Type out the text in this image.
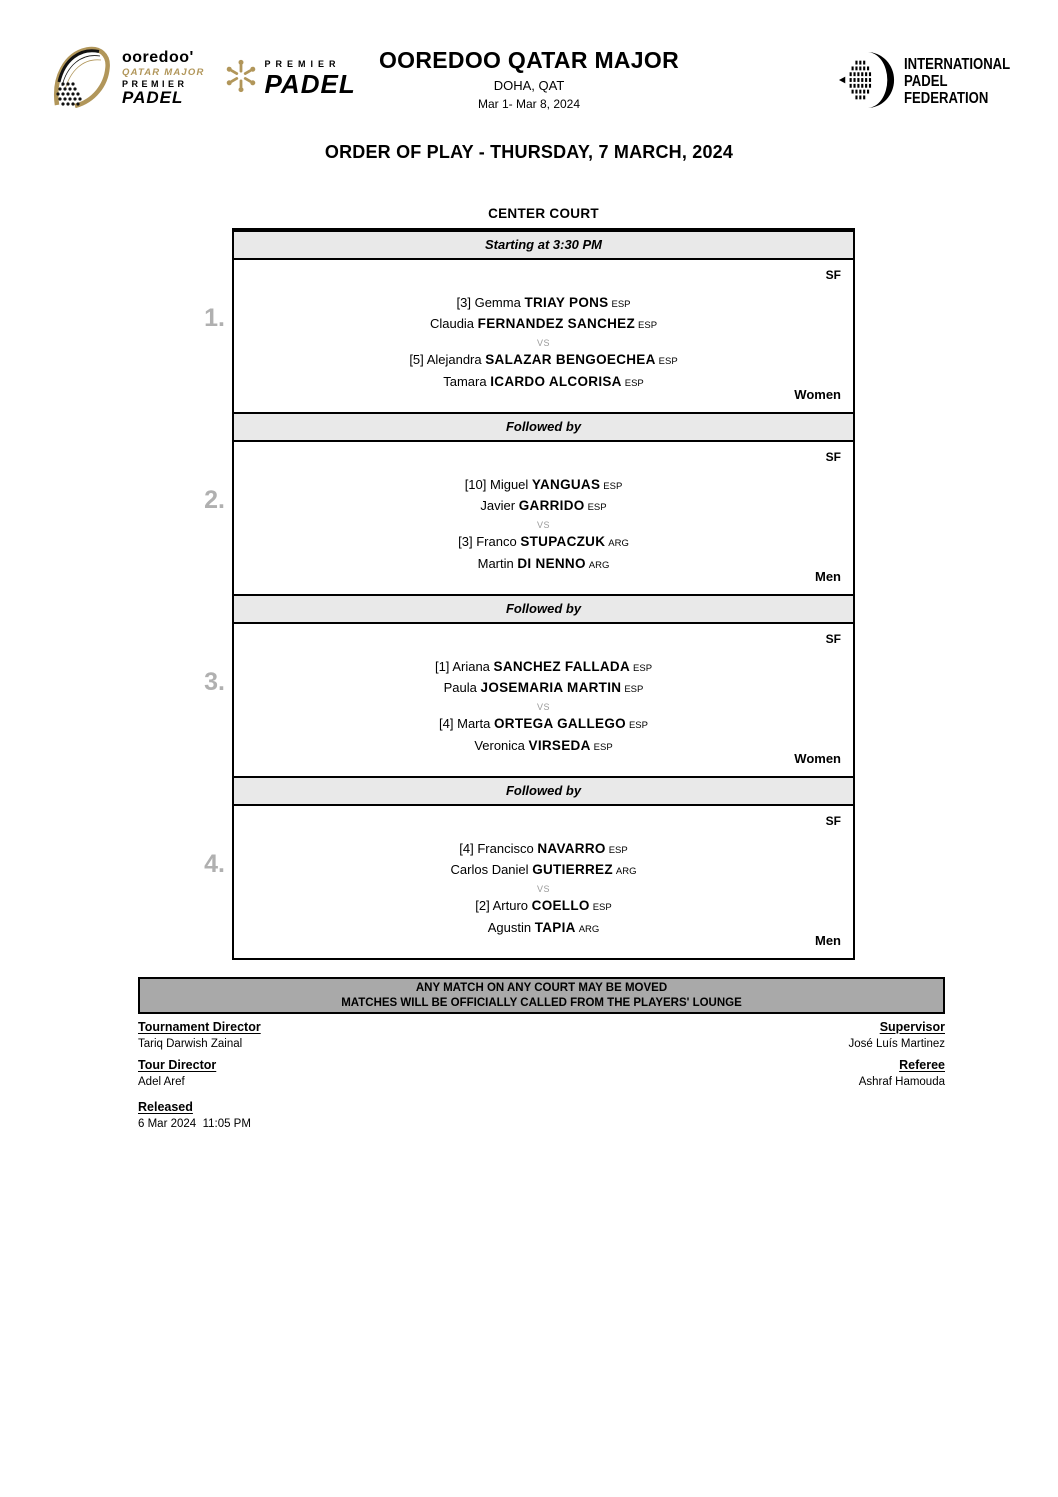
ooredoo'
QATAR MAJOR
PREMIER
PADEL
PREMIER
PADEL
OOREDOO QATAR MAJOR
DOHA, QAT
Mar 1- Mar 8, 2024
INTERNATIONAL
PADEL
FEDERATION
ORDER OF PLAY - THURSDAY, 7 MARCH, 2024
CENTER COURT
Starting at 3:30 PM
1.
SF
[3] Gemma TRIAY PONS ESP
Claudia FERNANDEZ SANCHEZ ESP
VS
[5] Alejandra SALAZAR BENGOECHEA ESP
Tamara ICARDO ALCORISA ESP
Women
Followed by
2.
SF
[10] Miguel YANGUAS ESP
Javier GARRIDO ESP
VS
[3] Franco STUPACZUK ARG
Martin DI NENNO ARG
Men
Followed by
3.
SF
[1] Ariana SANCHEZ FALLADA ESP
Paula JOSEMARIA MARTIN ESP
VS
[4] Marta ORTEGA GALLEGO ESP
Veronica VIRSEDA ESP
Women
Followed by
4.
SF
[4] Francisco NAVARRO ESP
Carlos Daniel GUTIERREZ ARG
VS
[2] Arturo COELLO ESP
Agustin TAPIA ARG
Men
ANY MATCH ON ANY COURT MAY BE MOVED
MATCHES WILL BE OFFICIALLY CALLED FROM THE PLAYERS' LOUNGE
Tournament Director
Tariq Darwish Zainal
Tour Director
Adel Aref
Released
6 Mar 2024  11:05 PM
Supervisor
José Luís Martinez
Referee
Ashraf Hamouda
